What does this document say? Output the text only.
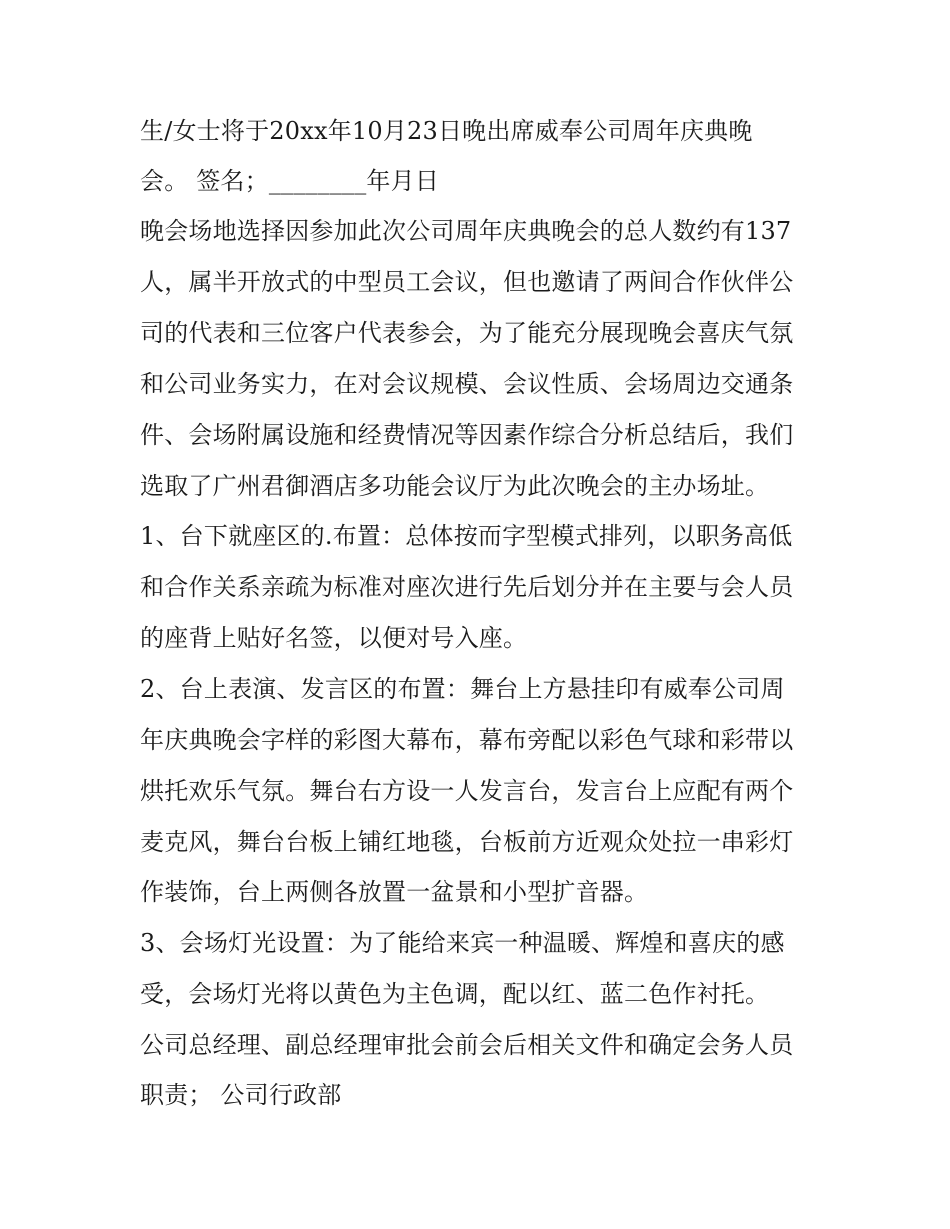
生/女士将于20xx年10月23日晚出席威奉公司周年庆典晚
会。 签名；________年月日
晚会场地选择因参加此次公司周年庆典晚会的总人数约有137
人，属半开放式的中型员工会议，但也邀请了两间合作伙伴公
司的代表和三位客户代表参会，为了能充分展现晚会喜庆气氛
和公司业务实力，在对会议规模、会议性质、会场周边交通条
件、会场附属设施和经费情况等因素作综合分析总结后，我们
选取了广州君御酒店多功能会议厅为此次晚会的主办场址。
1、台下就座区的.布置：总体按而字型模式排列，以职务高低
和合作关系亲疏为标准对座次进行先后划分并在主要与会人员
的座背上贴好名签，以便对号入座。
2、台上表演、发言区的布置：舞台上方悬挂印有威奉公司周
年庆典晚会字样的彩图大幕布，幕布旁配以彩色气球和彩带以
烘托欢乐气氛。舞台右方设一人发言台，发言台上应配有两个
麦克风，舞台台板上铺红地毯，台板前方近观众处拉一串彩灯
作装饰，台上两侧各放置一盆景和小型扩音器。
3、会场灯光设置：为了能给来宾一种温暖、辉煌和喜庆的感
受，会场灯光将以黄色为主色调，配以红、蓝二色作衬托。
公司总经理、副总经理审批会前会后相关文件和确定会务人员
职责； 公司行政部
